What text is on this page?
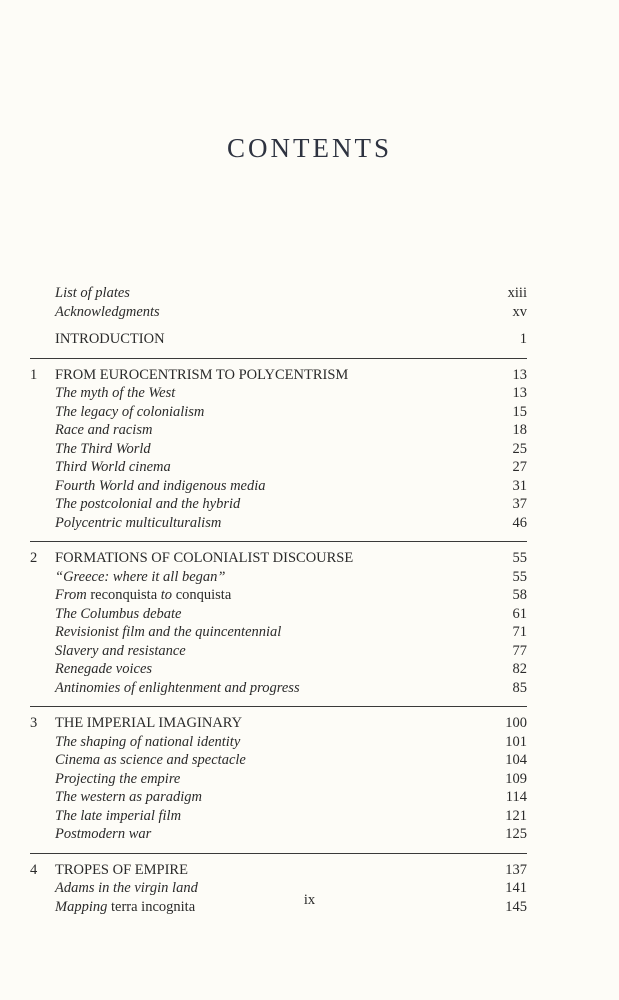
CONTENTS
List of plates	xiii
Acknowledgments	xv
INTRODUCTION	1
1	FROM EUROCENTRISM TO POLYCENTRISM	13
The myth of the West	13
The legacy of colonialism	15
Race and racism	18
The Third World	25
Third World cinema	27
Fourth World and indigenous media	31
The postcolonial and the hybrid	37
Polycentric multiculturalism	46
2	FORMATIONS OF COLONIALIST DISCOURSE	55
“Greece: where it all began”	55
From reconquista to conquista	58
The Columbus debate	61
Revisionist film and the quincentennial	71
Slavery and resistance	77
Renegade voices	82
Antinomies of enlightenment and progress	85
3	THE IMPERIAL IMAGINARY	100
The shaping of national identity	101
Cinema as science and spectacle	104
Projecting the empire	109
The western as paradigm	114
The late imperial film	121
Postmodern war	125
4	TROPES OF EMPIRE	137
Adams in the virgin land	141
Mapping terra incognita	145
ix
